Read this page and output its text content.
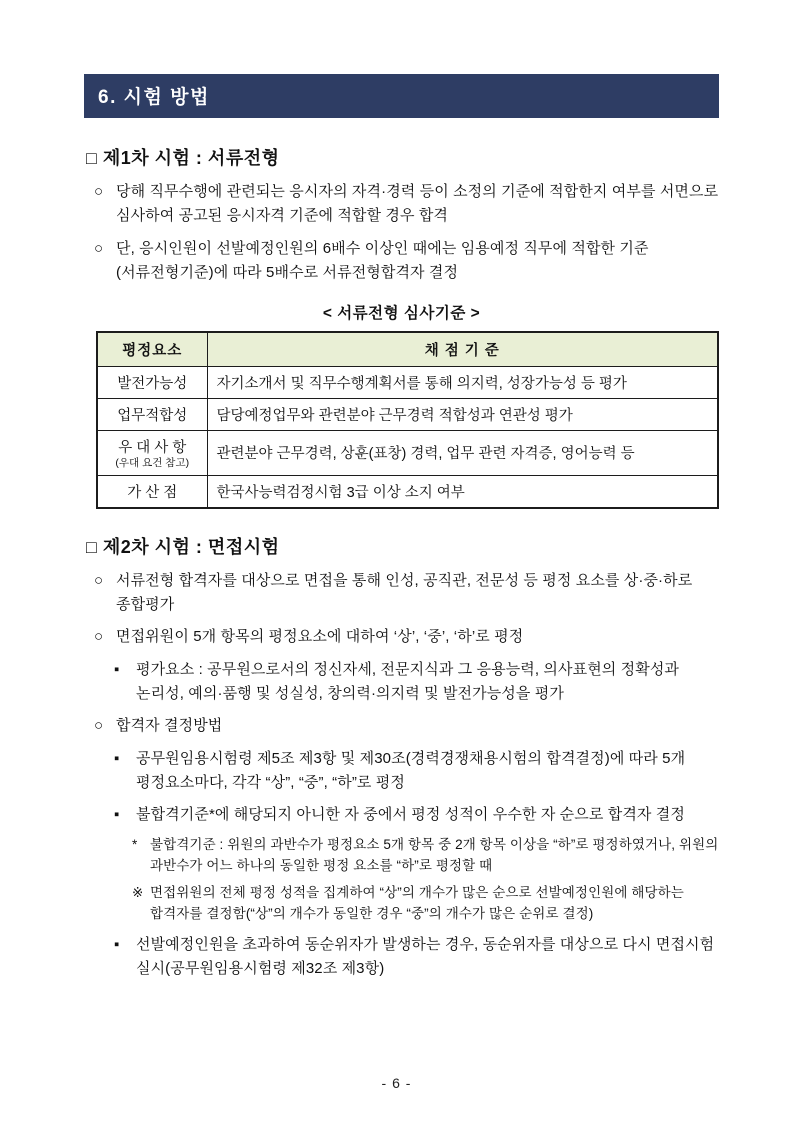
6. 시험 방법
□ 제1차 시험 : 서류전형
○ 당해 직무수행에 관련되는 응시자의 자격·경력 등이 소정의 기준에 적합한지 여부를 서면으로 심사하여 공고된 응시자격 기준에 적합할 경우 합격
○ 단, 응시인원이 선발예정인원의 6배수 이상인 때에는 임용예정 직무에 적합한 기준(서류전형기준)에 따라 5배수로 서류전형합격자 결정
< 서류전형 심사기준 >
평정요소	채 점 기 준
발전가능성	자기소개서 및 직무수행계획서를 통해 의지력, 성장가능성 등 평가
업무적합성	담당예정업무와 관련분야 근무경력 적합성과 연관성 평가
우 대 사 항
(우대 요건 참고)	관련분야 근무경력, 상훈(표창) 경력, 업무 관련 자격증, 영어능력 등
가 산 점	한국사능력검정시험 3급 이상 소지 여부
□ 제2차 시험 : 면접시험
○ 서류전형 합격자를 대상으로 면접을 통해 인성, 공직관, 전문성 등 평정 요소를 상·중·하로 종합평가
○ 면접위원이 5개 항목의 평정요소에 대하여 ‘상’, ‘중’, ‘하’로 평정
▪	평가요소 : 공무원으로서의 정신자세, 전문지식과 그 응용능력, 의사표현의 정확성과 논리성, 예의·품행 및 성실성, 창의력·의지력 및 발전가능성을 평가
○ 합격자 결정방법
▪	공무원임용시험령 제5조 제3항 및 제30조(경력경쟁채용시험의 합격결정)에 따라 5개 평정요소마다, 각각 “상”, “중”, “하”로 평정
▪	불합격기준*에 해당되지 아니한 자 중에서 평정 성적이 우수한 자 순으로 합격자 결정
* 불합격기준 : 위원의 과반수가 평정요소 5개 항목 중 2개 항목 이상을 “하”로 평정하였거나, 위원의 과반수가 어느 하나의 동일한 평정 요소를 “하”로 평정할 때
※ 면접위원의 전체 평정 성적을 집계하여 “상”의 개수가 많은 순으로 선발예정인원에 해당하는 합격자를 결정함(“상”의 개수가 동일한 경우 “중”의 개수가 많은 순위로 결정)
▪	선발예정인원을 초과하여 동순위자가 발생하는 경우, 동순위자를 대상으로 다시 면접시험 실시(공무원임용시험령 제32조 제3항)
- 6 -
